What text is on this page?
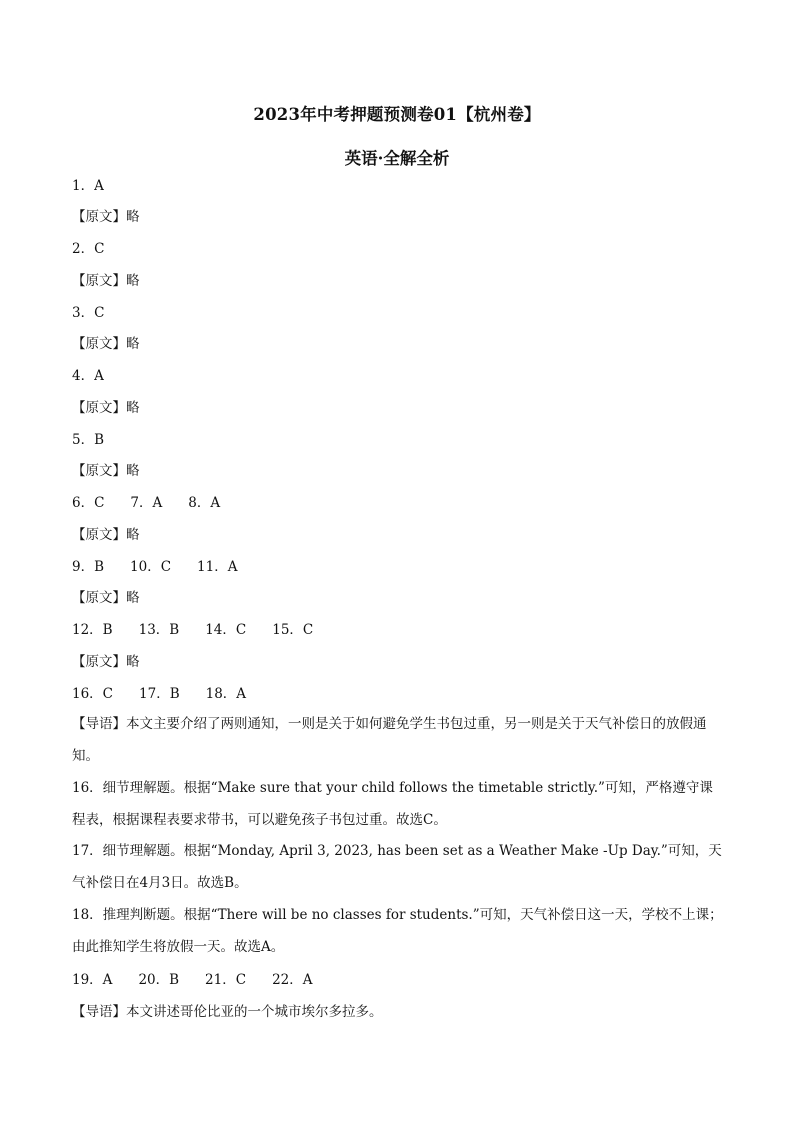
2023年中考押题预测卷01【杭州卷】
英语·全解全析
1．A
【原文】略
2．C
【原文】略
3．C
【原文】略
4．A
【原文】略
5．B
【原文】略
6．C 7．A 8．A
【原文】略
9．B 10．C 11．A
【原文】略
12．B 13．B 14．C 15．C
【原文】略
16．C 17．B 18．A
【导语】本文主要介绍了两则通知，一则是关于如何避免学生书包过重，另一则是关于天气补偿日的放假通知。
16．细节理解题。根据“Make sure that your child follows the timetable strictly.”可知，严格遵守课程表，根据课程表要求带书，可以避免孩子书包过重。故选C。
17．细节理解题。根据“Monday, April 3, 2023, has been set as a Weather Make -Up Day.”可知，天气补偿日在4月3日。故选B。
18．推理判断题。根据“There will be no classes for students.”可知，天气补偿日这一天，学校不上课；由此推知学生将放假一天。故选A。
19．A 20．B 21．C 22．A
【导语】本文讲述哥伦比亚的一个城市埃尔多拉多。
